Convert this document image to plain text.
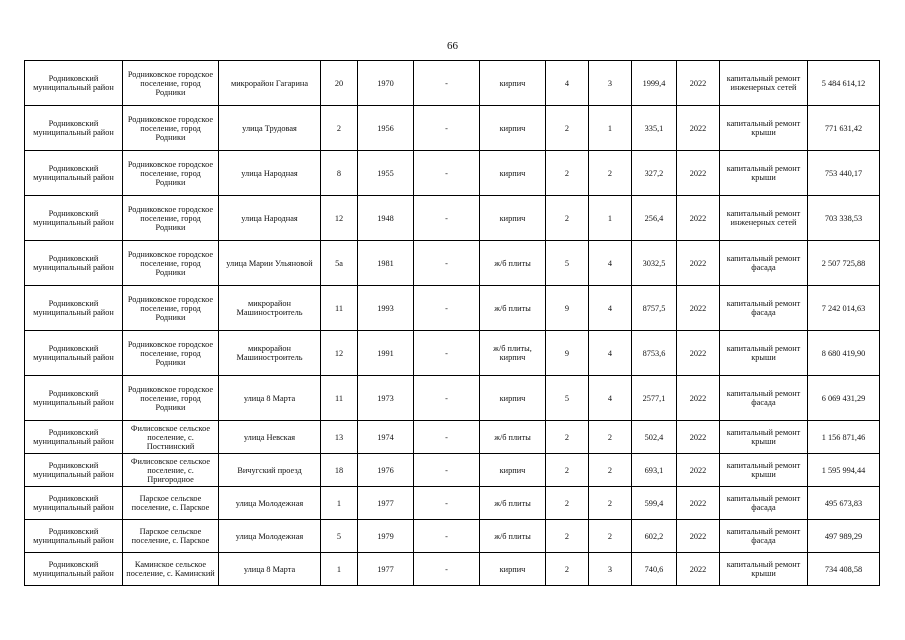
66
Родниковский муниципальный район	Родниковское городское поселение, город Родники	микрорайон Гагарина	20	1970	-	кирпич	4	3	1999,4	2022	капитальный ремонт инженерных сетей	5 484 614,12
Родниковский муниципальный район	Родниковское городское поселение, город Родники	улица Трудовая	2	1956	-	кирпич	2	1	335,1	2022	капитальный ремонт крыши	771 631,42
Родниковский муниципальный район	Родниковское городское поселение, город Родники	улица Народная	8	1955	-	кирпич	2	2	327,2	2022	капитальный ремонт крыши	753 440,17
Родниковский муниципальный район	Родниковское городское поселение, город Родники	улица Народная	12	1948	-	кирпич	2	1	256,4	2022	капитальный ремонт инженерных сетей	703 338,53
Родниковский муниципальный район	Родниковское городское поселение, город Родники	улица Марии Ульяновой	5а	1981	-	ж/б плиты	5	4	3032,5	2022	капитальный ремонт фасада	2 507 725,88
Родниковский муниципальный район	Родниковское городское поселение, город Родники	микрорайон Машиностроитель	11	1993	-	ж/б плиты	9	4	8757,5	2022	капитальный ремонт фасада	7 242 014,63
Родниковский муниципальный район	Родниковское городское поселение, город Родники	микрорайон Машиностроитель	12	1991	-	ж/б плиты, кирпич	9	4	8753,6	2022	капитальный ремонт крыши	8 680 419,90
Родниковский муниципальный район	Родниковское городское поселение, город Родники	улица 8 Марта	11	1973	-	кирпич	5	4	2577,1	2022	капитальный ремонт фасада	6 069 431,29
Родниковский муниципальный район	Филисовское сельское поселение, с. Постнинский	улица Невская	13	1974	-	ж/б плиты	2	2	502,4	2022	капитальный ремонт крыши	1 156 871,46
Родниковский муниципальный район	Филисовское сельское поселение, с. Пригородное	Вичугский проезд	18	1976	-	кирпич	2	2	693,1	2022	капитальный ремонт крыши	1 595 994,44
Родниковский муниципальный район	Парское сельское поселение, с. Парское	улица Молодежная	1	1977	-	ж/б плиты	2	2	599,4	2022	капитальный ремонт фасада	495 673,83
Родниковский муниципальный район	Парское сельское поселение, с. Парское	улица Молодежная	5	1979	-	ж/б плиты	2	2	602,2	2022	капитальный ремонт фасада	497 989,29
Родниковский муниципальный район	Каминское сельское поселение, с. Каминский	улица 8 Марта	1	1977	-	кирпич	2	3	740,6	2022	капитальный ремонт крыши	734 408,58
